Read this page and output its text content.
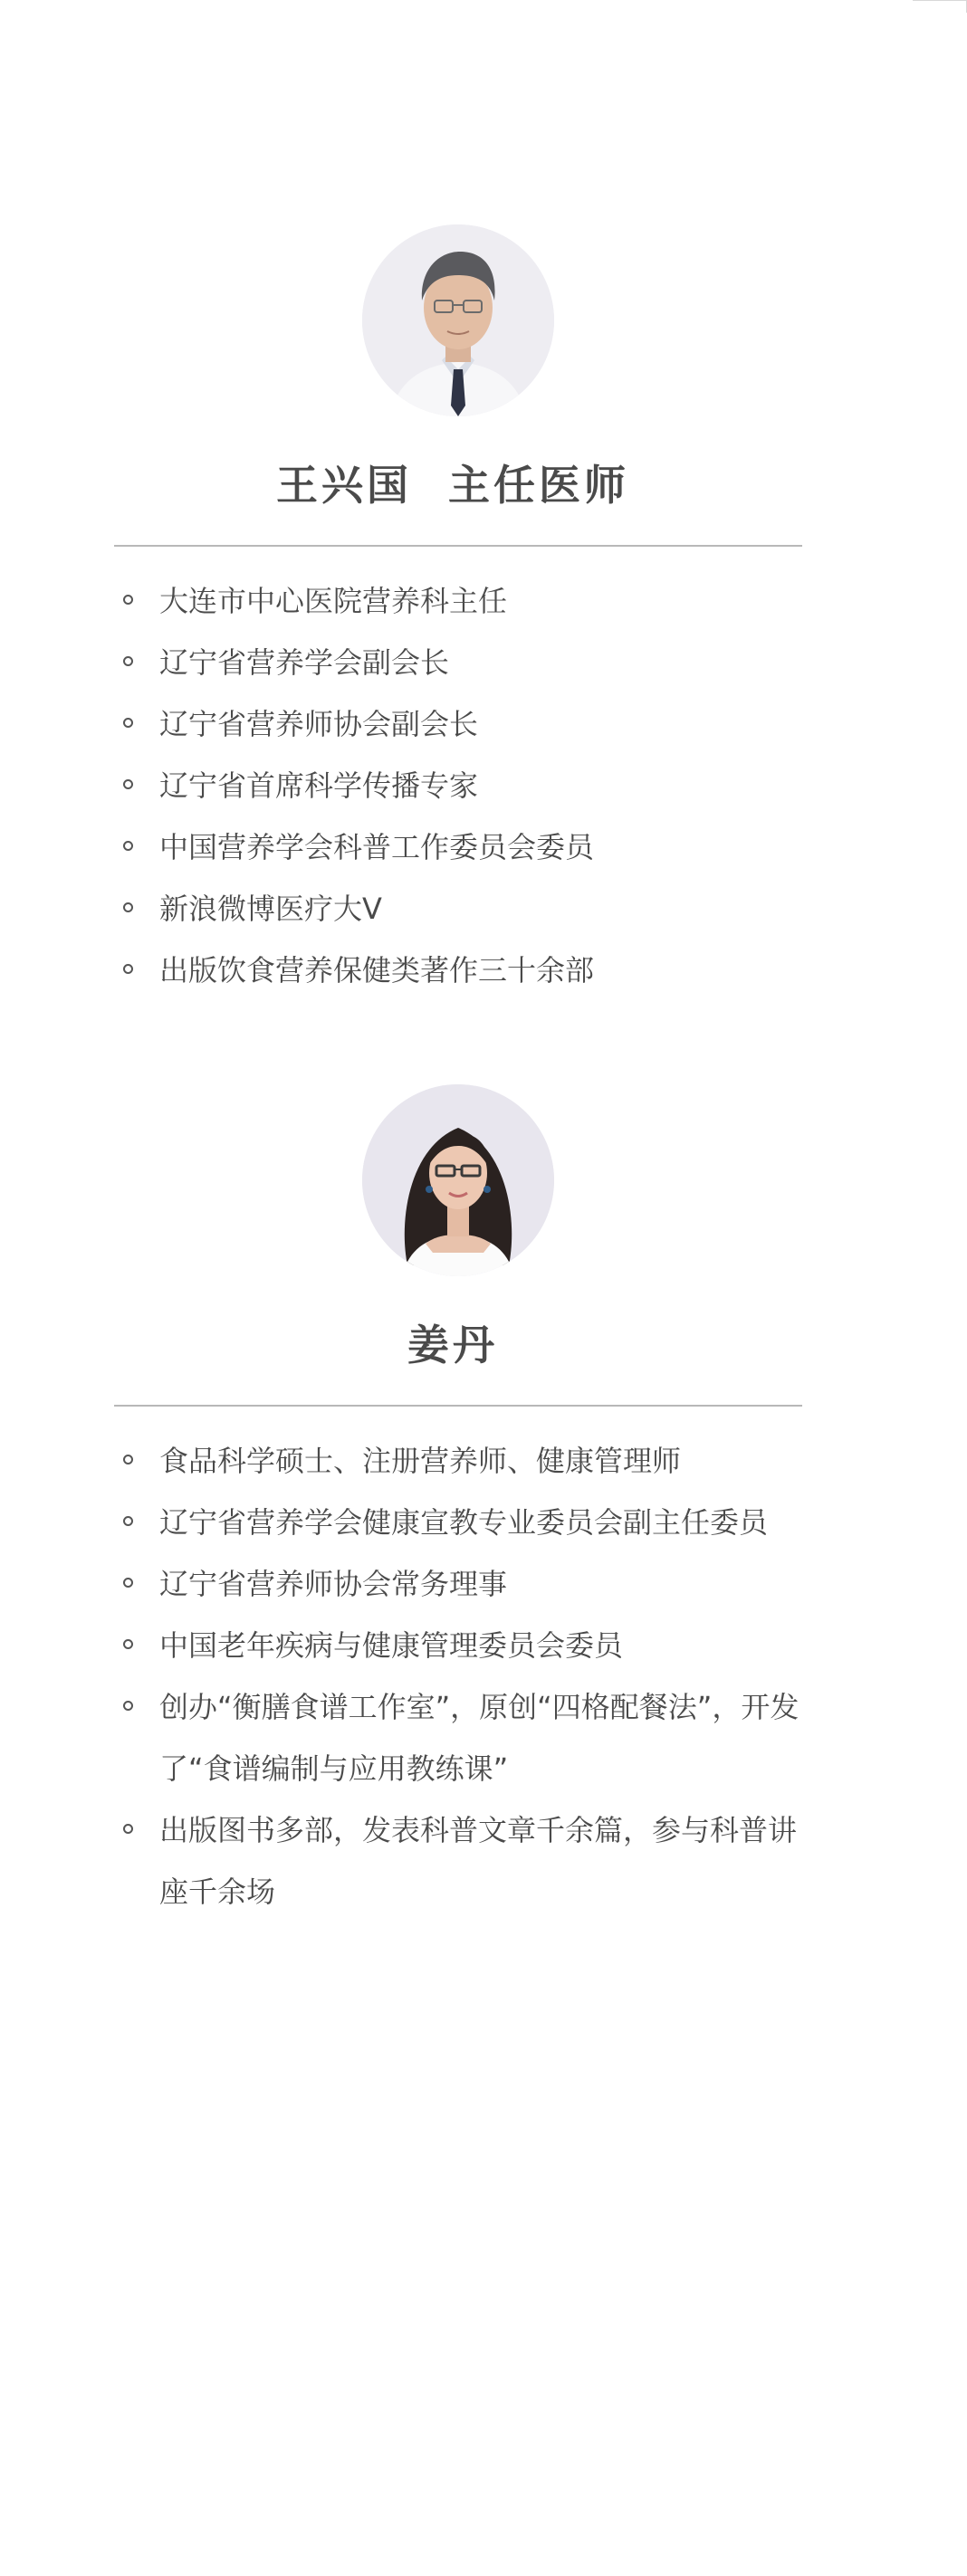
王兴国  主任医师
大连市中心医院营养科主任
辽宁省营养学会副会长
辽宁省营养师协会副会长
辽宁省首席科学传播专家
中国营养学会科普工作委员会委员
新浪微博医疗大V
出版饮食营养保健类著作三十余部
姜丹
食品科学硕士、注册营养师、健康管理师
辽宁省营养学会健康宣教专业委员会副主任委员
辽宁省营养师协会常务理事
中国老年疾病与健康管理委员会委员
创办“衡膳食谱工作室”，原创“四格配餐法”，开发了“食谱编制与应用教练课”
出版图书多部，发表科普文章千余篇，参与科普讲座千余场
